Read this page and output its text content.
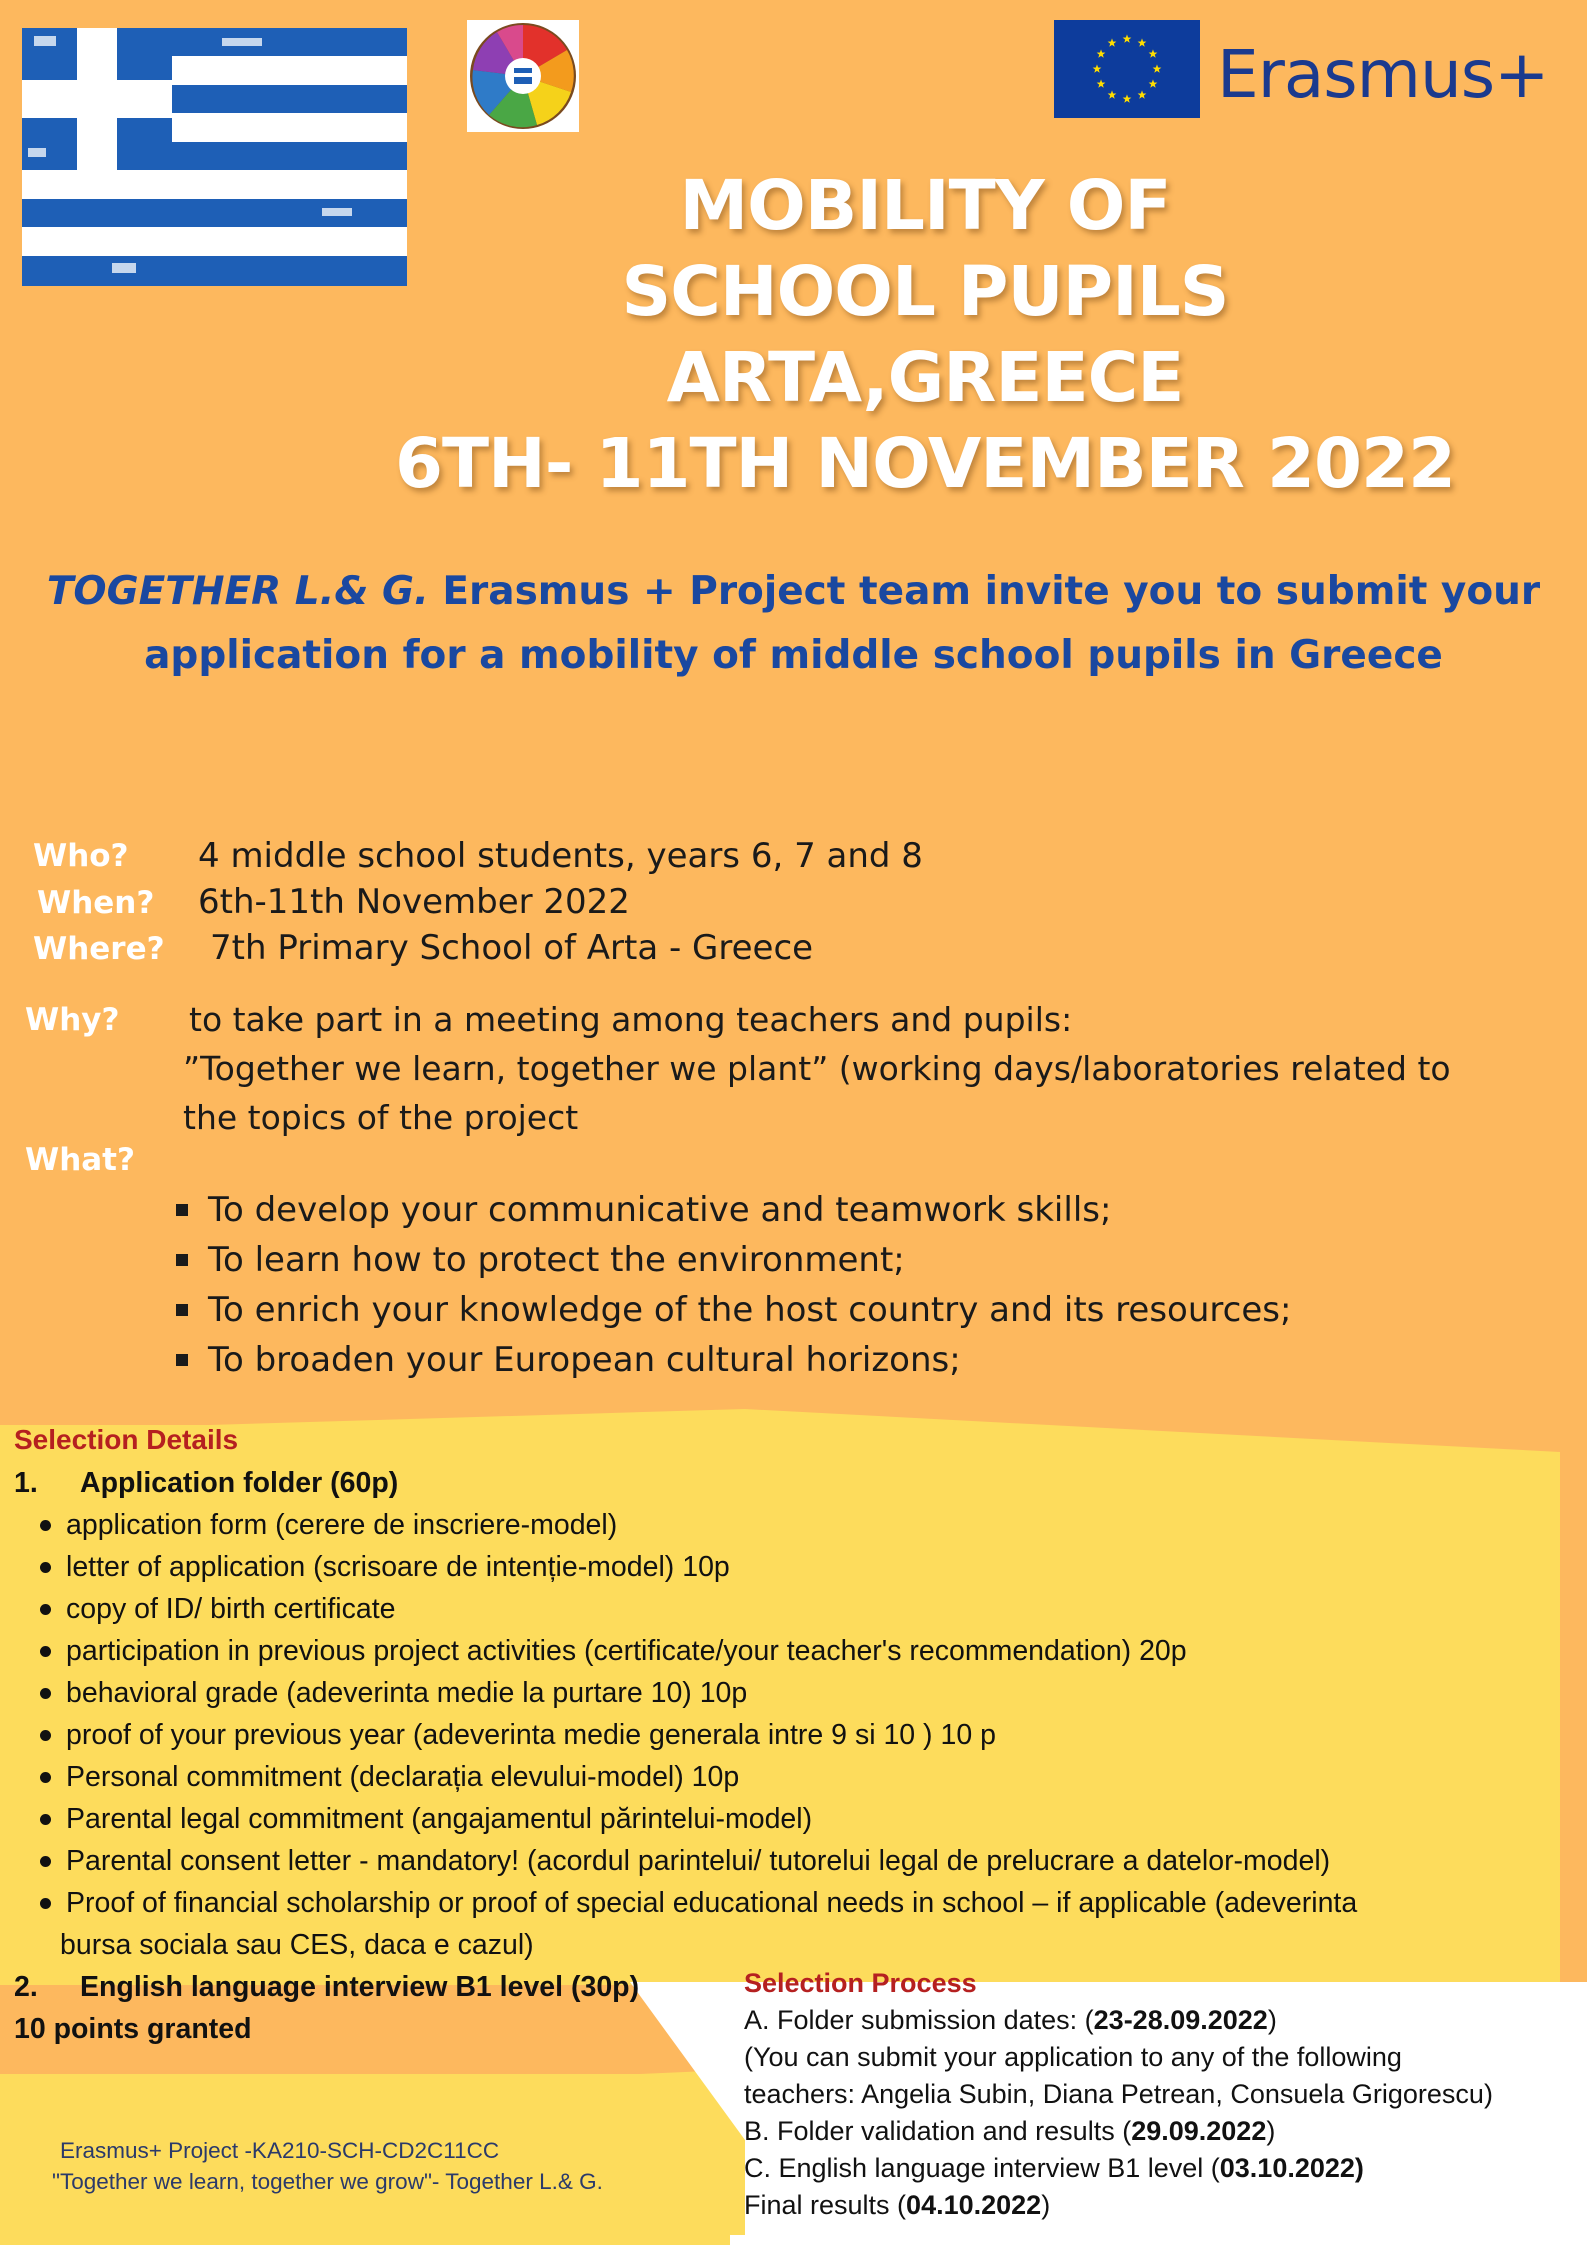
Erasmus+
MOBILITY OF
SCHOOL PUPILS
ARTA,GREECE
6TH- 11TH NOVEMBER 2022
TOGETHER L.& G. Erasmus + Project team invite you to submit your
application for a mobility of middle school pupils in Greece
Who? 4 middle school students, years 6, 7 and 8
When? 6th-11th November 2022
Where? 7th Primary School of Arta - Greece
Why? to take part in a meeting among teachers and pupils:
”Together we learn, together we plant” (working days/laboratories related to
the topics of the project
What?
To develop your communicative and teamwork skills;
To learn how to protect the environment;
To enrich your knowledge of the host country and its resources;
To broaden your European cultural horizons;
Selection Details
1. Application folder (60p)
application form (cerere de inscriere-model)
letter of application (scrisoare de intenție-model) 10p
copy of ID/ birth certificate
participation in previous project activities (certificate/your teacher's recommendation) 20p
behavioral grade (adeverinta medie la purtare 10) 10p
proof of your previous year (adeverinta medie generala intre 9 si 10 ) 10 p
Personal commitment (declarația elevului-model) 10p
Parental legal commitment (angajamentul părintelui-model)
Parental consent letter - mandatory! (acordul parintelui/ tutorelui legal de prelucrare a datelor-model)
Proof of financial scholarship or proof of special educational needs in school – if applicable (adeverinta
bursa sociala sau CES, daca e cazul)
2. English language interview B1 level (30p)
10 points granted
Selection Process
A. Folder submission dates: (23-28.09.2022)
(You can submit your application to any of the following
teachers: Angelia Subin, Diana Petrean, Consuela Grigorescu)
B. Folder validation and results (29.09.2022)
C. English language interview B1 level (03.10.2022)
Final results (04.10.2022)
Erasmus+ Project -KA210-SCH-CD2C11CC
"Together we learn, together we grow"- Together L.& G.
